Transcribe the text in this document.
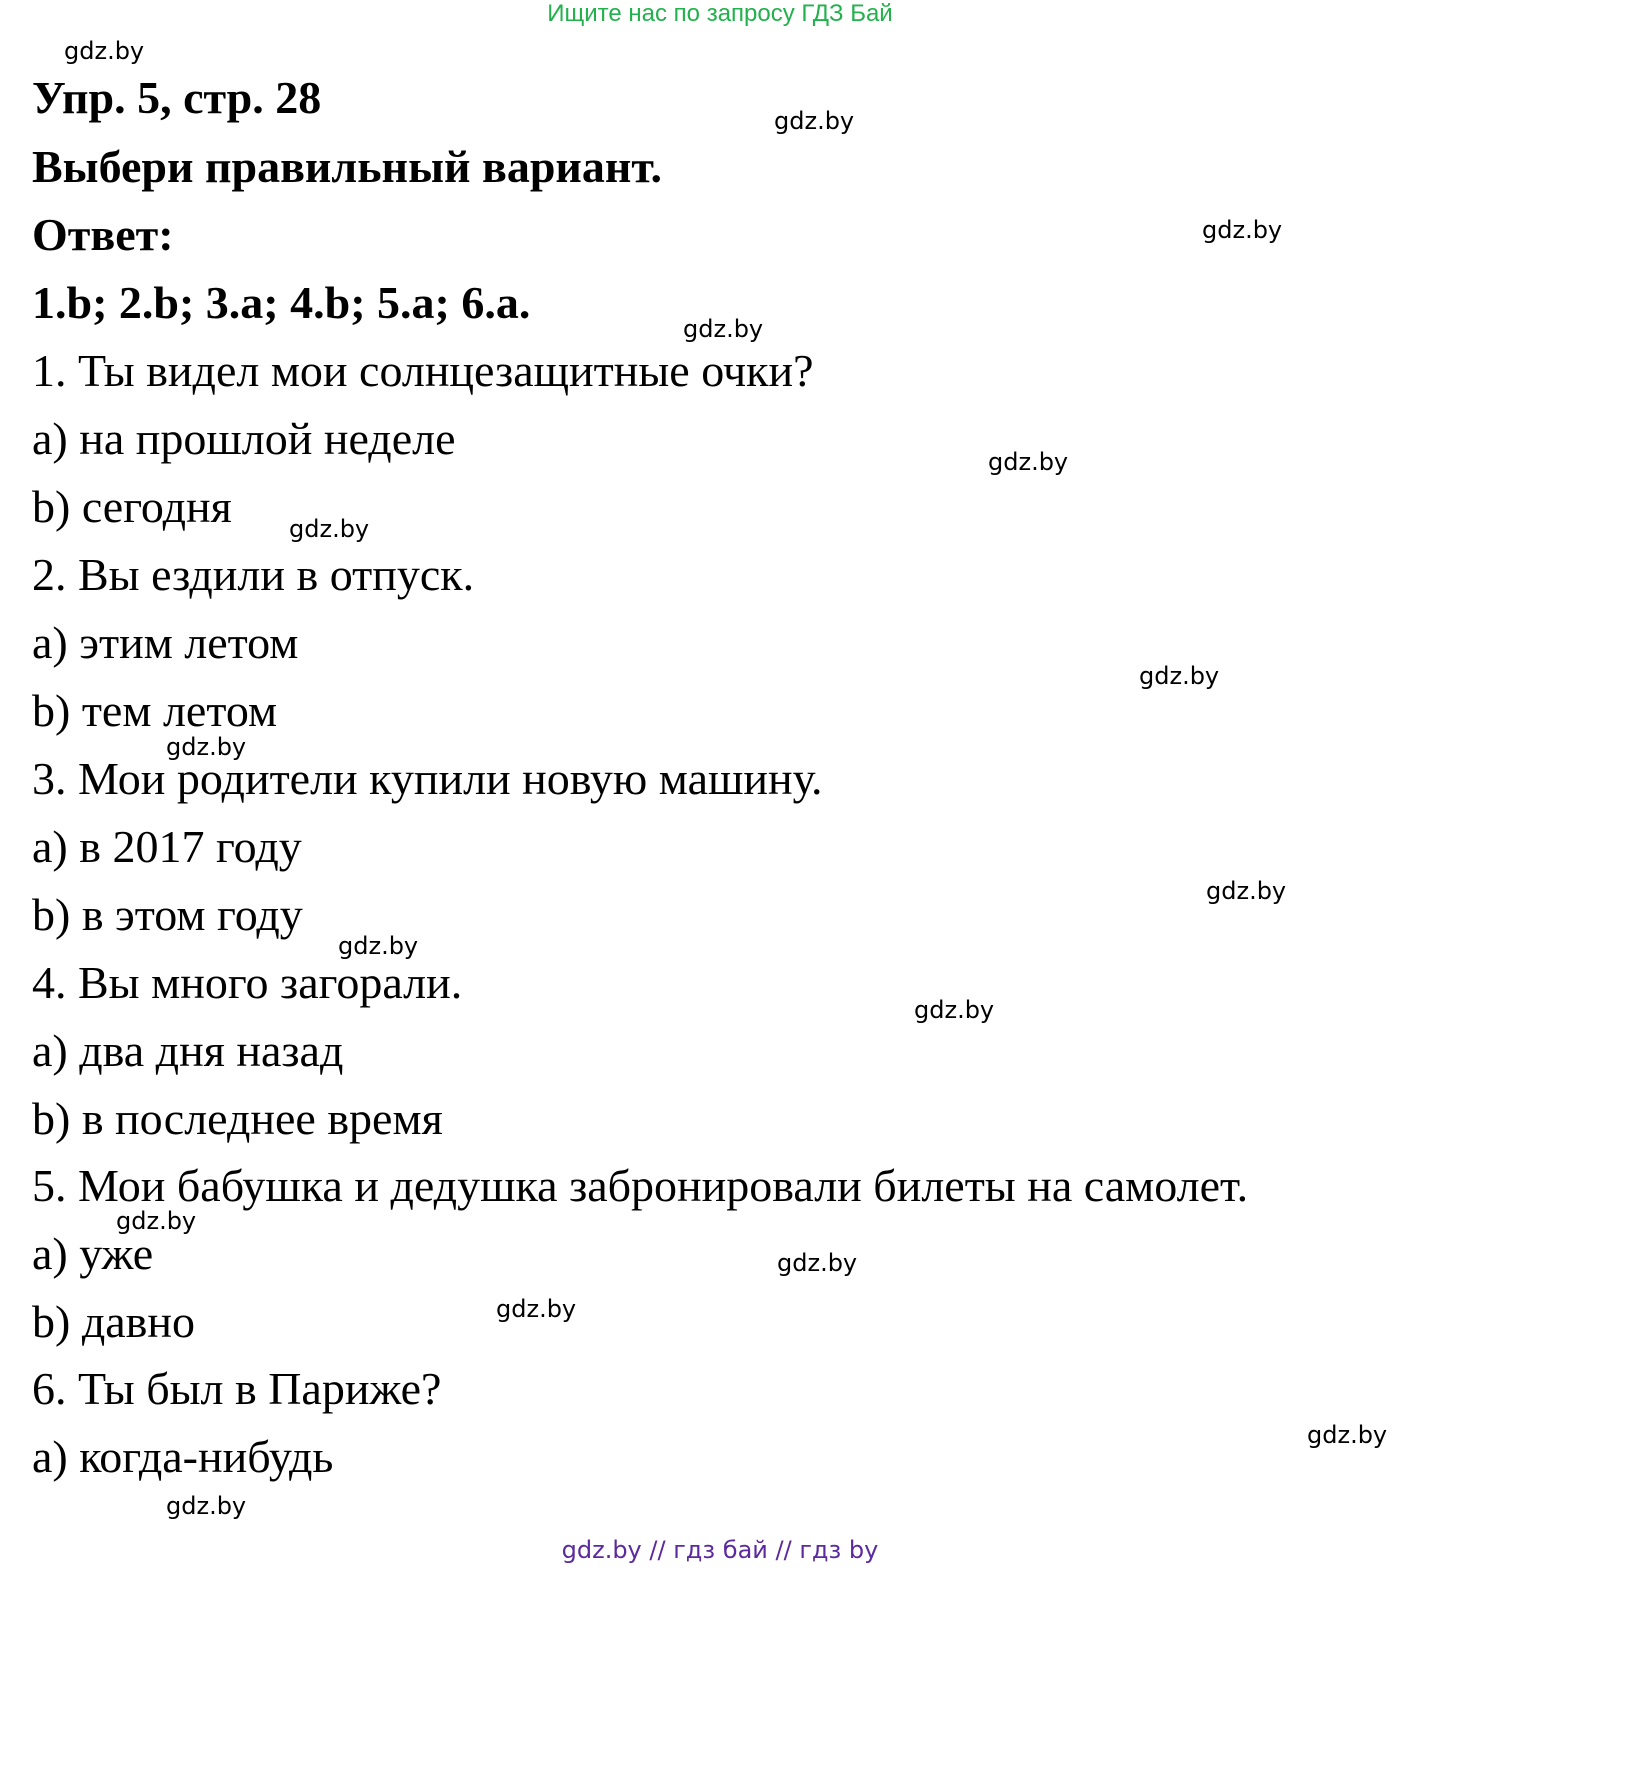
Ищите нас по запросу ГДЗ Бай
Упр. 5, стр. 28
Выбери правильный вариант.
Ответ:
1.b; 2.b; 3.a; 4.b; 5.a; 6.a.
1. Ты видел мои солнцезащитные очки?
a) на прошлой неделе
b) сегодня
2. Вы ездили в отпуск.
a) этим летом
b) тем летом
3. Мои родители купили новую машину.
a) в 2017 году
b) в этом году
4. Вы много загорали.
a) два дня назад
b) в последнее время
5. Мои бабушка и дедушка забронировали билеты на самолет.
a) уже
b) давно
6. Ты был в Париже?
a) когда-нибудь
gdz.by
gdz.by
gdz.by
gdz.by
gdz.by
gdz.by
gdz.by
gdz.by
gdz.by
gdz.by
gdz.by
gdz.by
gdz.by
gdz.by
gdz.by
gdz.by
gdz.by // гдз бай // гдз by
